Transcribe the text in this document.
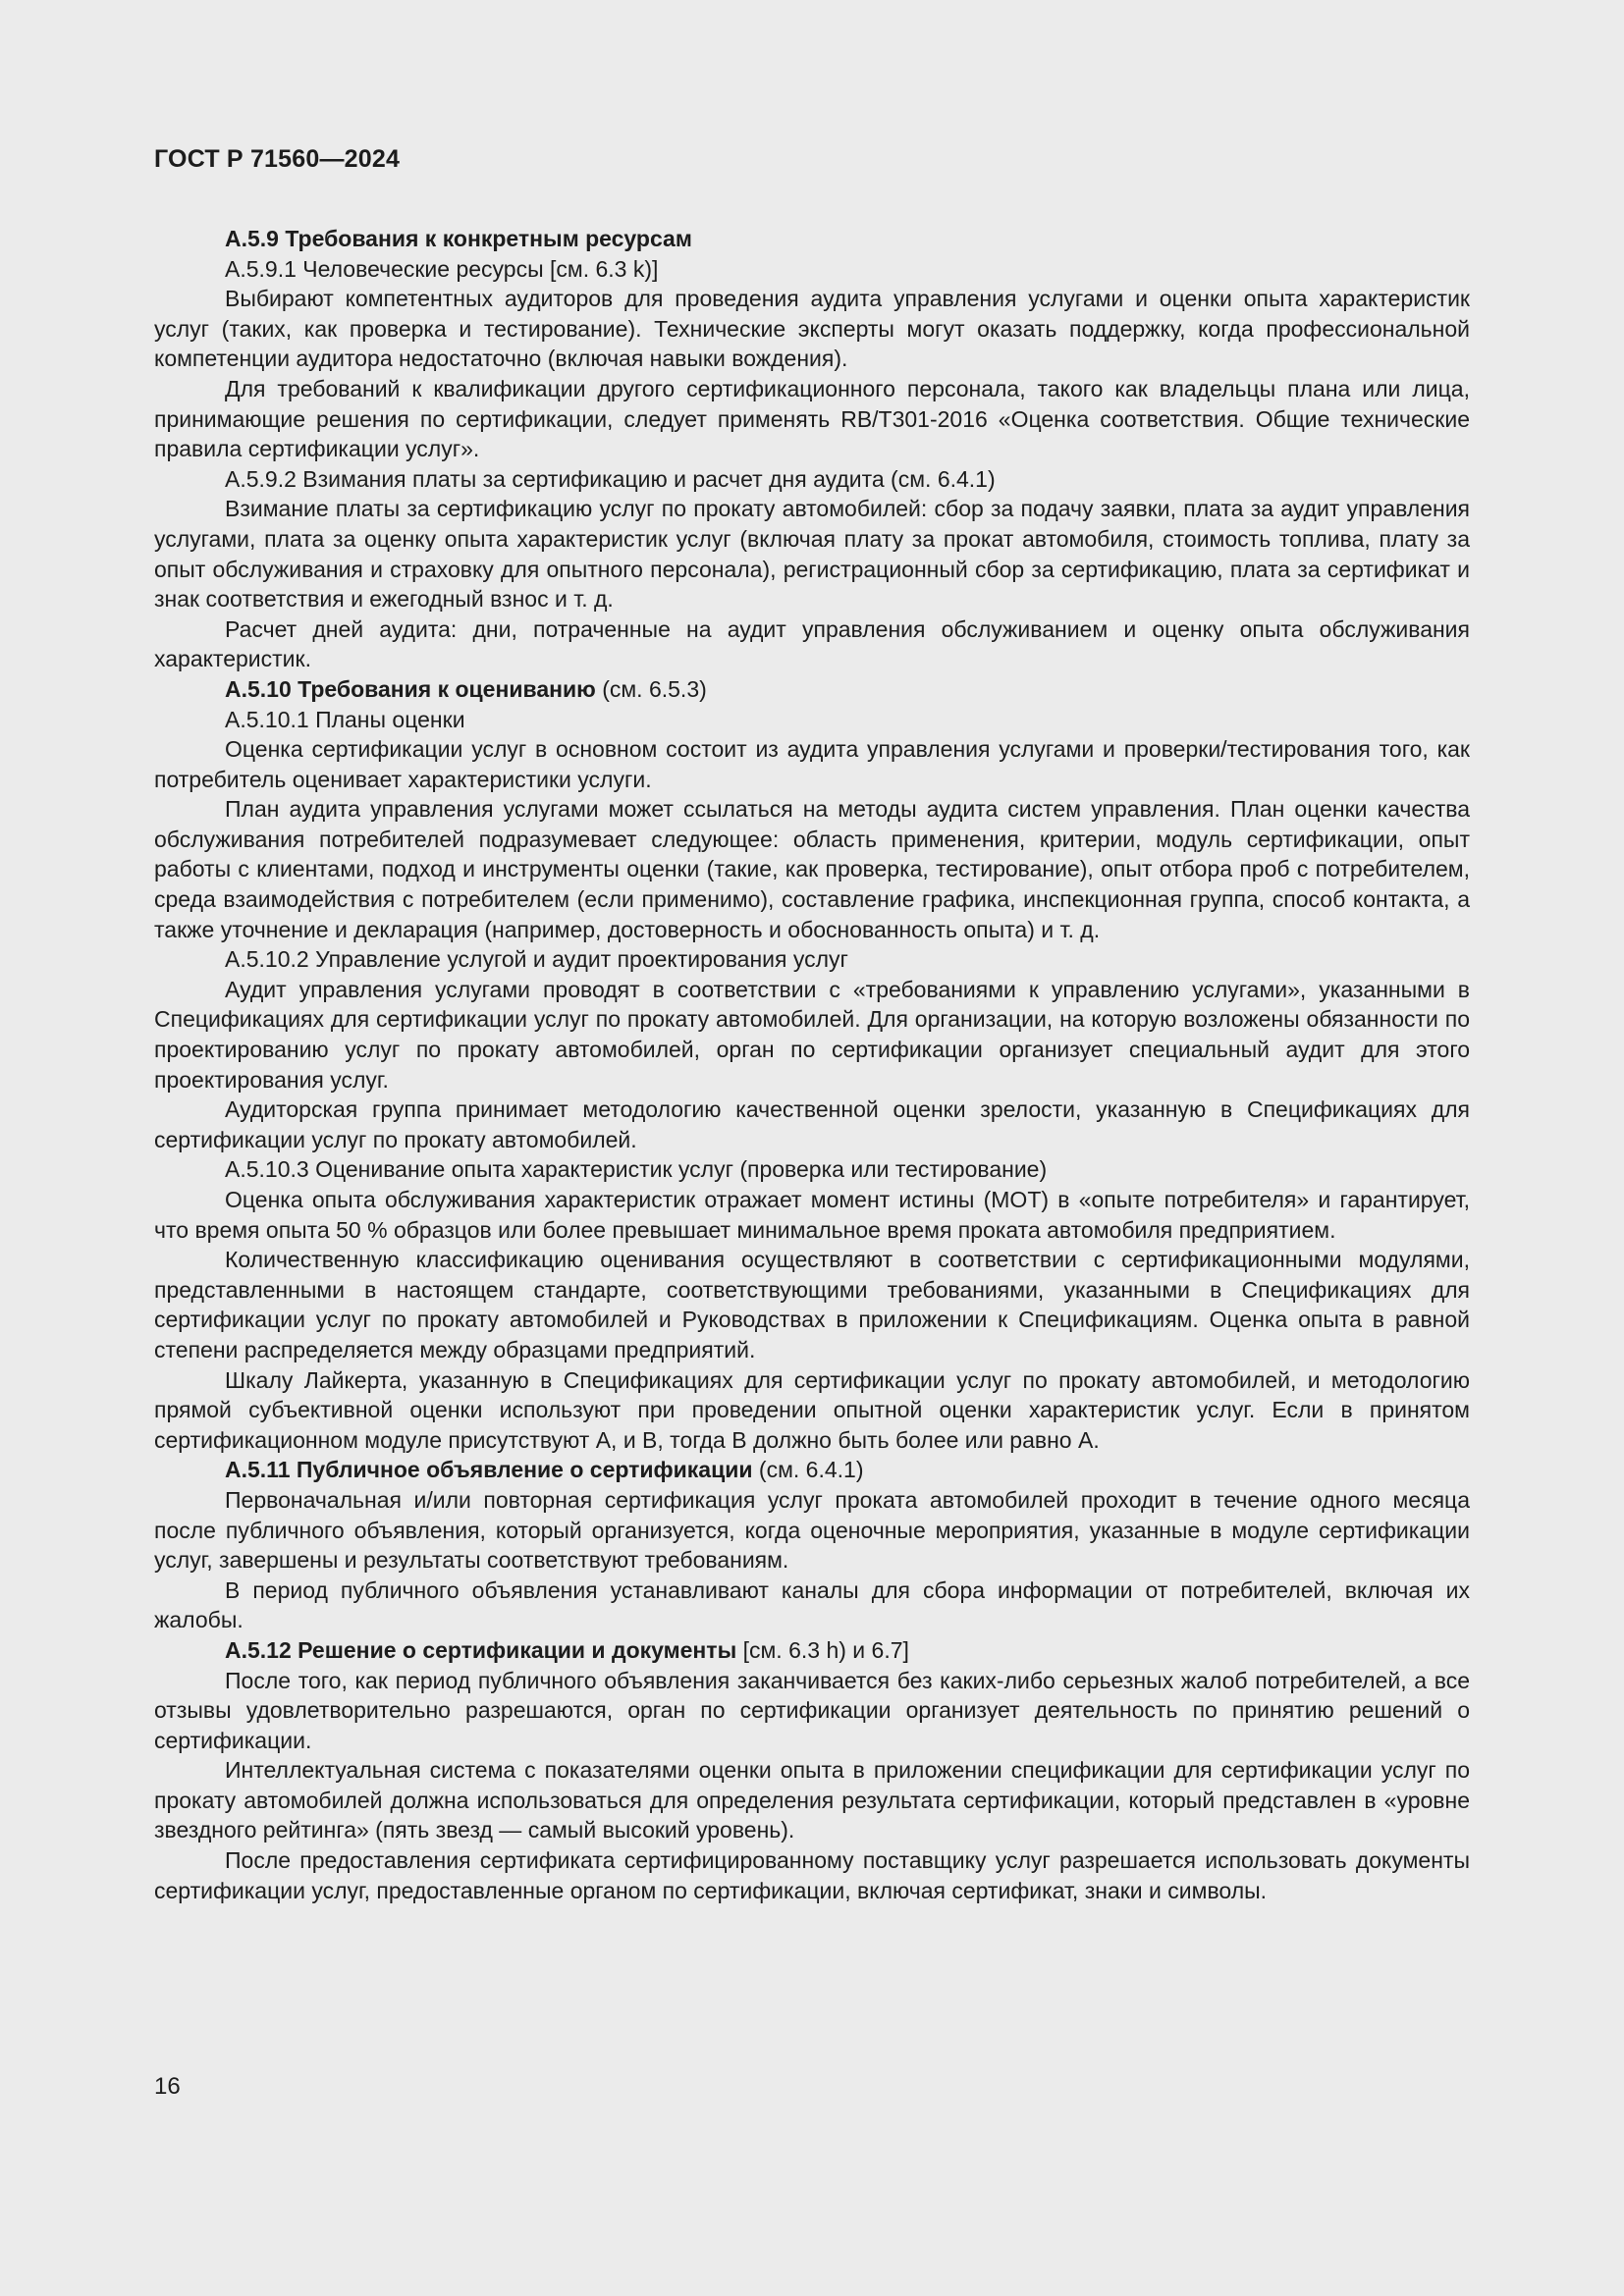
ГОСТ Р 71560—2024

А.5.9 Требования к конкретным ресурсам

А.5.9.1 Человеческие ресурсы [см. 6.3 k)]

Выбирают компетентных аудиторов для проведения аудита управления услугами и оценки опыта характеристик услуг (таких, как проверка и тестирование). Технические эксперты могут оказать поддержку, когда профессиональной компетенции аудитора недостаточно (включая навыки вождения).

Для требований к квалификации другого сертификационного персонала, такого как владельцы плана или лица, принимающие решения по сертификации, следует применять RB/T301-2016 «Оценка соответствия. Общие технические правила сертификации услуг».

А.5.9.2 Взимания платы за сертификацию и расчет дня аудита (см. 6.4.1)

Взимание платы за сертификацию услуг по прокату автомобилей: сбор за подачу заявки, плата за аудит управления услугами, плата за оценку опыта характеристик услуг (включая плату за прокат автомобиля, стоимость топлива, плату за опыт обслуживания и страховку для опытного персонала), регистрационный сбор за сертификацию, плата за сертификат и знак соответствия и ежегодный взнос и т. д.

Расчет дней аудита: дни, потраченные на аудит управления обслуживанием и оценку опыта обслуживания характеристик.

А.5.10 Требования к оцениванию (см. 6.5.3)

А.5.10.1 Планы оценки

Оценка сертификации услуг в основном состоит из аудита управления услугами и проверки/тестирования того, как потребитель оценивает характеристики услуги.

План аудита управления услугами может ссылаться на методы аудита систем управления. План оценки качества обслуживания потребителей подразумевает следующее: область применения, критерии, модуль сертификации, опыт работы с клиентами, подход и инструменты оценки (такие, как проверка, тестирование), опыт отбора проб с потребителем, среда взаимодействия с потребителем (если применимо), составление графика, инспекционная группа, способ контакта, а также уточнение и декларация (например, достоверность и обоснованность опыта) и т. д.

А.5.10.2 Управление услугой и аудит проектирования услуг

Аудит управления услугами проводят в соответствии с «требованиями к управлению услугами», указанными в Спецификациях для сертификации услуг по прокату автомобилей. Для организации, на которую возложены обязанности по проектированию услуг по прокату автомобилей, орган по сертификации организует специальный аудит для этого проектирования услуг.

Аудиторская группа принимает методологию качественной оценки зрелости, указанную в Спецификациях для сертификации услуг по прокату автомобилей.

А.5.10.3 Оценивание опыта характеристик услуг (проверка или тестирование)

Оценка опыта обслуживания характеристик отражает момент истины (МОТ) в «опыте потребителя» и гарантирует, что время опыта 50 % образцов или более превышает минимальное время проката автомобиля предприятием.

Количественную классификацию оценивания осуществляют в соответствии с сертификационными модулями, представленными в настоящем стандарте, соответствующими требованиями, указанными в Спецификациях для сертификации услуг по прокату автомобилей и Руководствах в приложении к Спецификациям. Оценка опыта в равной степени распределяется между образцами предприятий.

Шкалу Лайкерта, указанную в Спецификациях для сертификации услуг по прокату автомобилей, и методологию прямой субъективной оценки используют при проведении опытной оценки характеристик услуг. Если в принятом сертификационном модуле присутствуют А, и В, тогда В должно быть более или равно А.

А.5.11 Публичное объявление о сертификации (см. 6.4.1)

Первоначальная и/или повторная сертификация услуг проката автомобилей проходит в течение одного месяца после публичного объявления, который организуется, когда оценочные мероприятия, указанные в модуле сертификации услуг, завершены и результаты соответствуют требованиям.

В период публичного объявления устанавливают каналы для сбора информации от потребителей, включая их жалобы.

А.5.12 Решение о сертификации и документы [см. 6.3 h) и 6.7]

После того, как период публичного объявления заканчивается без каких-либо серьезных жалоб потребителей, а все отзывы удовлетворительно разрешаются, орган по сертификации организует деятельность по принятию решений о сертификации.

Интеллектуальная система с показателями оценки опыта в приложении спецификации для сертификации услуг по прокату автомобилей должна использоваться для определения результата сертификации, который представлен в «уровне звездного рейтинга» (пять звезд — самый высокий уровень).

После предоставления сертификата сертифицированному поставщику услуг разрешается использовать документы сертификации услуг, предоставленные органом по сертификации, включая сертификат, знаки и символы.

16
